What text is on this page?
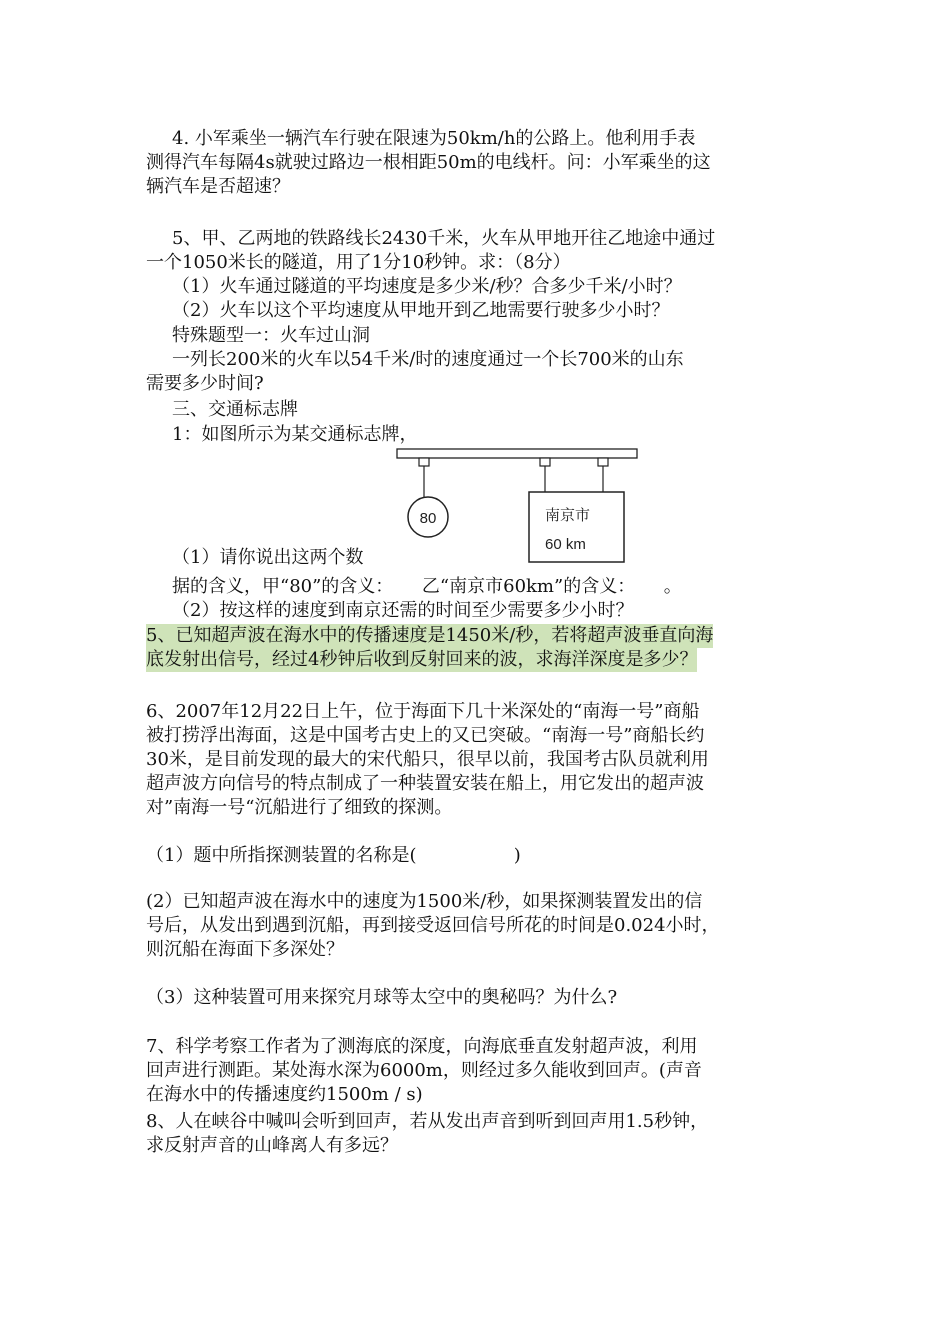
4. 小军乘坐一辆汽车行驶在限速为50km/h的公路上。他利用手表
测得汽车每隔4s就驶过路边一根相距50m的电线杆。问：小军乘坐的这
辆汽车是否超速？
5、甲、乙两地的铁路线长2430千米，火车从甲地开往乙地途中通过
一个1050米长的隧道，用了1分10秒钟。求：（8分）
（1）火车通过隧道的平均速度是多少米/秒？合多少千米/小时？
（2）火车以这个平均速度从甲地开到乙地需要行驶多少小时？
特殊题型一：火车过山洞
一列长200米的火车以54千米/时的速度通过一个长700米的山东
需要多少时间?
三、交通标志牌
1：如图所示为某交通标志牌，
80	南京市
60 km
（1）请你说出这两个数
据的含义，甲“80”的含义：     乙“南京市60km”的含义：     。
（2）按这样的速度到南京还需的时间至少需要多少小时？
5、已知超声波在海水中的传播速度是1450米/秒，若将超声波垂直向海
底发射出信号，经过4秒钟后收到反射回来的波，求海洋深度是多少？
6、2007年12月22日上午，位于海面下几十米深处的“南海一号”商船
被打捞浮出海面，这是中国考古史上的又已突破。“南海一号”商船长约
30米，是目前发现的最大的宋代船只，很早以前，我国考古队员就利用
超声波方向信号的特点制成了一种装置安装在船上，用它发出的超声波
对”南海一号“沉船进行了细致的探测。
（1）题中所指探测装置的名称是(                 )
(2）已知超声波在海水中的速度为1500米/秒，如果探测装置发出的信
号后，从发出到遇到沉船，再到接受返回信号所花的时间是0.024小时，
则沉船在海面下多深处？
（3）这种装置可用来探究月球等太空中的奥秘吗？为什么?
7、科学考察工作者为了测海底的深度，向海底垂直发射超声波，利用
回声进行测距。某处海水深为6000m，则经过多久能收到回声。(声音
在海水中的传播速度约1500m / s)
8、人在峡谷中喊叫会听到回声，若从发出声音到听到回声用1.5秒钟，
求反射声音的山峰离人有多远？
